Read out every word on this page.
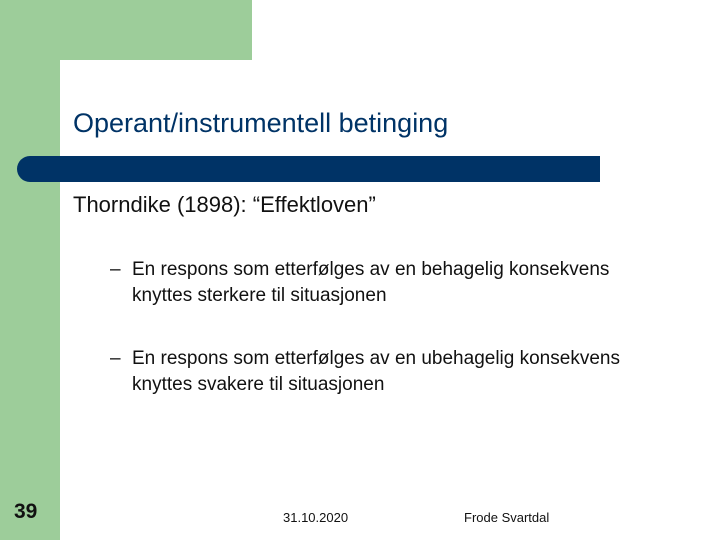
Operant/instrumentell betinging
Thorndike (1898): “Effektloven”
– En respons som etterfølges av en behagelig konsekvens knyttes sterkere til situasjonen
– En respons som etterfølges av en ubehagelig konsekvens knyttes svakere til situasjonen
39	31.10.2020	Frode Svartdal
